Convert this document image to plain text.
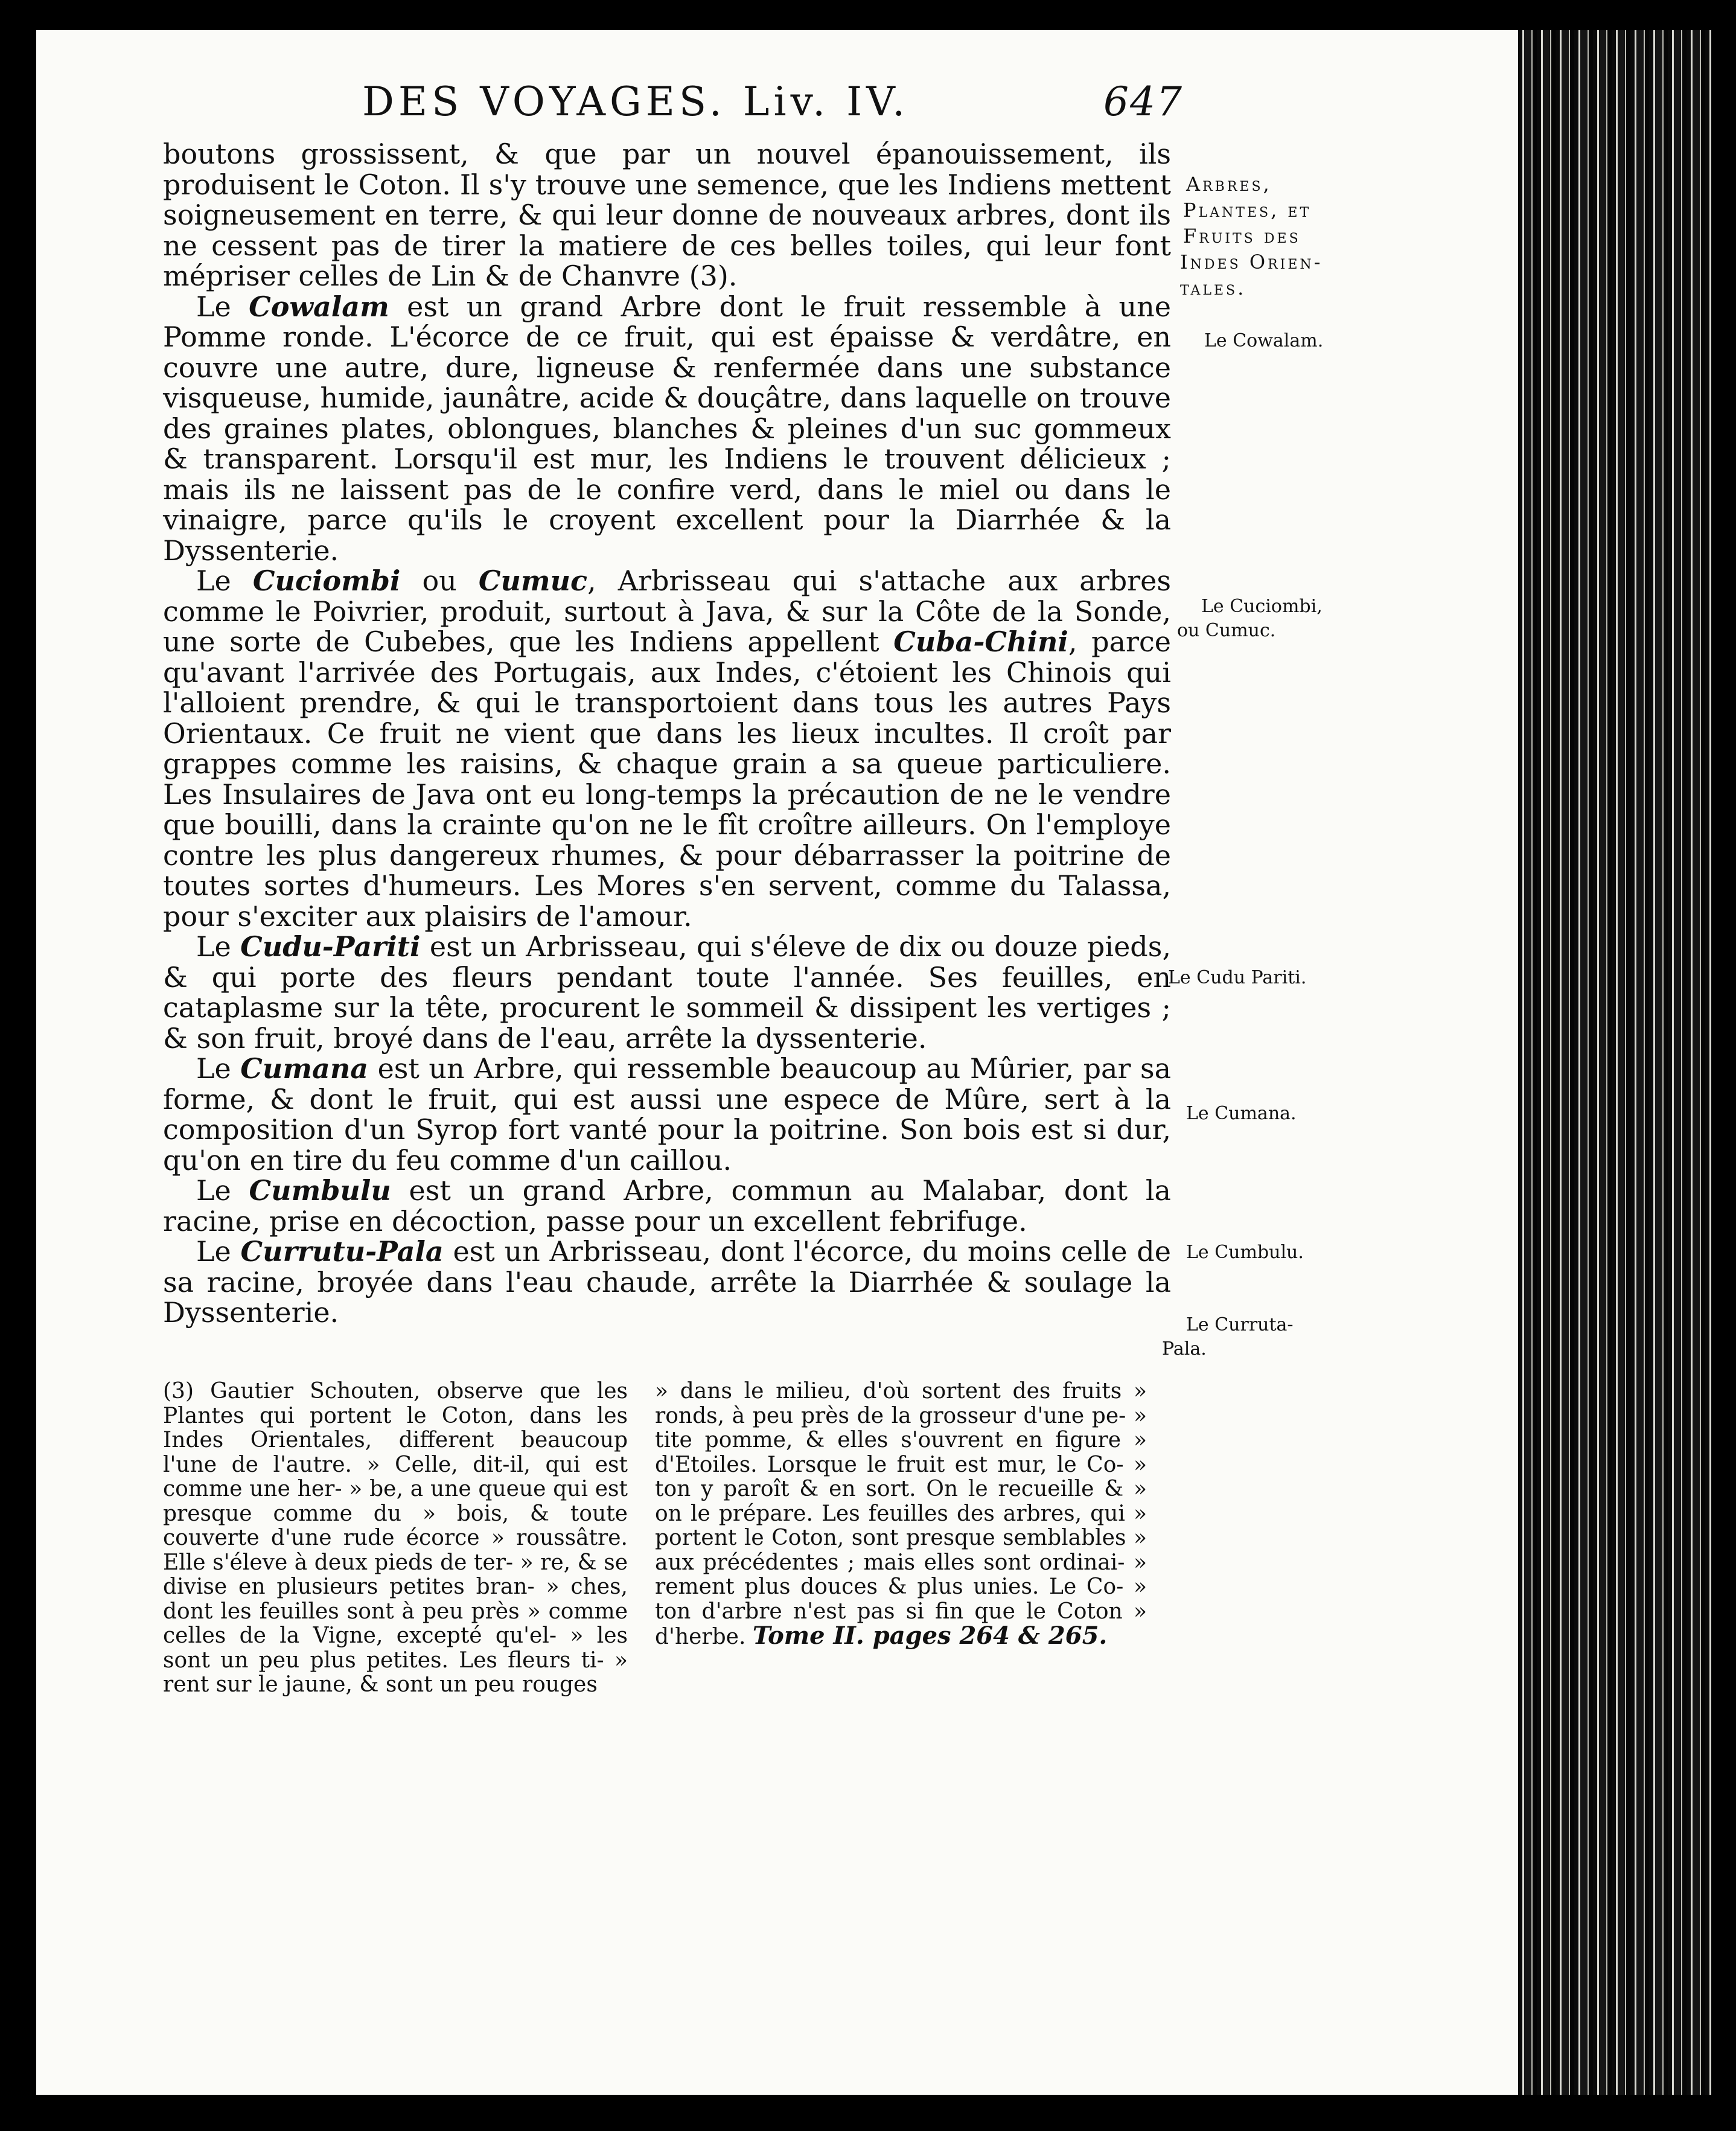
DES VOYAGES. Liv. IV.	647

boutons grossissent, & que par un nouvel épanouissement, ils produisent le Coton. Il s'y trouve une semence, que les Indiens mettent soigneusement en terre, & qui leur donne de nouveaux arbres, dont ils ne cessent pas de tirer la matiere de ces belles toiles, qui leur font mépriser celles de Lin & de Chanvre (3).

Le Cowalam est un grand Arbre dont le fruit ressemble à une Pomme ronde. L'écorce de ce fruit, qui est épaisse & verdâtre, en couvre une autre, dure, ligneuse & renfermée dans une substance visqueuse, humide, jaunâtre, acide & douçâtre, dans laquelle on trouve des graines plates, oblongues, blanches & pleines d'un suc gommeux & transparent. Lorsqu'il est mur, les Indiens le trouvent délicieux ; mais ils ne laissent pas de le confire verd, dans le miel ou dans le vinaigre, parce qu'ils le croyent excellent pour la Diarrhée & la Dyssenterie.

Le Cuciombi ou Cumuc, Arbrisseau qui s'attache aux arbres comme le Poivrier, produit, surtout à Java, & sur la Côte de la Sonde, une sorte de Cubebes, que les Indiens appellent Cuba-Chini, parce qu'avant l'arrivée des Portugais, aux Indes, c'étoient les Chinois qui l'alloient prendre, & qui le transportoient dans tous les autres Pays Orientaux. Ce fruit ne vient que dans les lieux incultes. Il croît par grappes comme les raisins, & chaque grain a sa queue particuliere. Les Insulaires de Java ont eu long-temps la précaution de ne le vendre que bouilli, dans la crainte qu'on ne le fît croître ailleurs. On l'employe contre les plus dangereux rhumes, & pour débarrasser la poitrine de toutes sortes d'humeurs. Les Mores s'en servent, comme du Talassa, pour s'exciter aux plaisirs de l'amour.

Le Cudu-Pariti est un Arbrisseau, qui s'éleve de dix ou douze pieds, & qui porte des fleurs pendant toute l'année. Ses feuilles, en cataplasme sur la tête, procurent le sommeil & dissipent les vertiges ; & son fruit, broyé dans de l'eau, arrête la dyssenterie.

Le Cumana est un Arbre, qui ressemble beaucoup au Mûrier, par sa forme, & dont le fruit, qui est aussi une espece de Mûre, sert à la composition d'un Syrop fort vanté pour la poitrine. Son bois est si dur, qu'on en tire du feu comme d'un caillou.

Le Cumbulu est un grand Arbre, commun au Malabar, dont la racine, prise en décoction, passe pour un excellent febrifuge.

Le Currutu-Pala est un Arbrisseau, dont l'écorce, du moins celle de sa racine, broyée dans l'eau chaude, arrête la Diarrhée & soulage la Dyssenterie.

Arbres,
Plantes, et
Fruits des
Indes Orien-
tales.
Le Cowalam.
Le Cuciombi,
ou Cumuc.
Le Cudu Pariti.
Le Cumana.
Le Cumbulu.
Le Curruta-
Pala.

(3) Gautier Schouten, observe que les Plantes qui portent le Coton, dans les Indes Orientales, different beaucoup l'une de l'autre. » Celle, dit-il, qui est comme une her- » be, a une queue qui est presque comme du » bois, & toute couverte d'une rude écorce » roussâtre. Elle s'éleve à deux pieds de ter- » re, & se divise en plusieurs petites bran- » ches, dont les feuilles sont à peu près » comme celles de la Vigne, excepté qu'el- » les sont un peu plus petites. Les fleurs ti- » rent sur le jaune, & sont un peu rouges

» dans le milieu, d'où sortent des fruits » ronds, à peu près de la grosseur d'une pe- » tite pomme, & elles s'ouvrent en figure » d'Etoiles. Lorsque le fruit est mur, le Co- » ton y paroît & en sort. On le recueille & » on le prépare. Les feuilles des arbres, qui » portent le Coton, sont presque semblables » aux précédentes ; mais elles sont ordinai- » rement plus douces & plus unies. Le Co- » ton d'arbre n'est pas si fin que le Coton » d'herbe. Tome II. pages 264 & 265.
